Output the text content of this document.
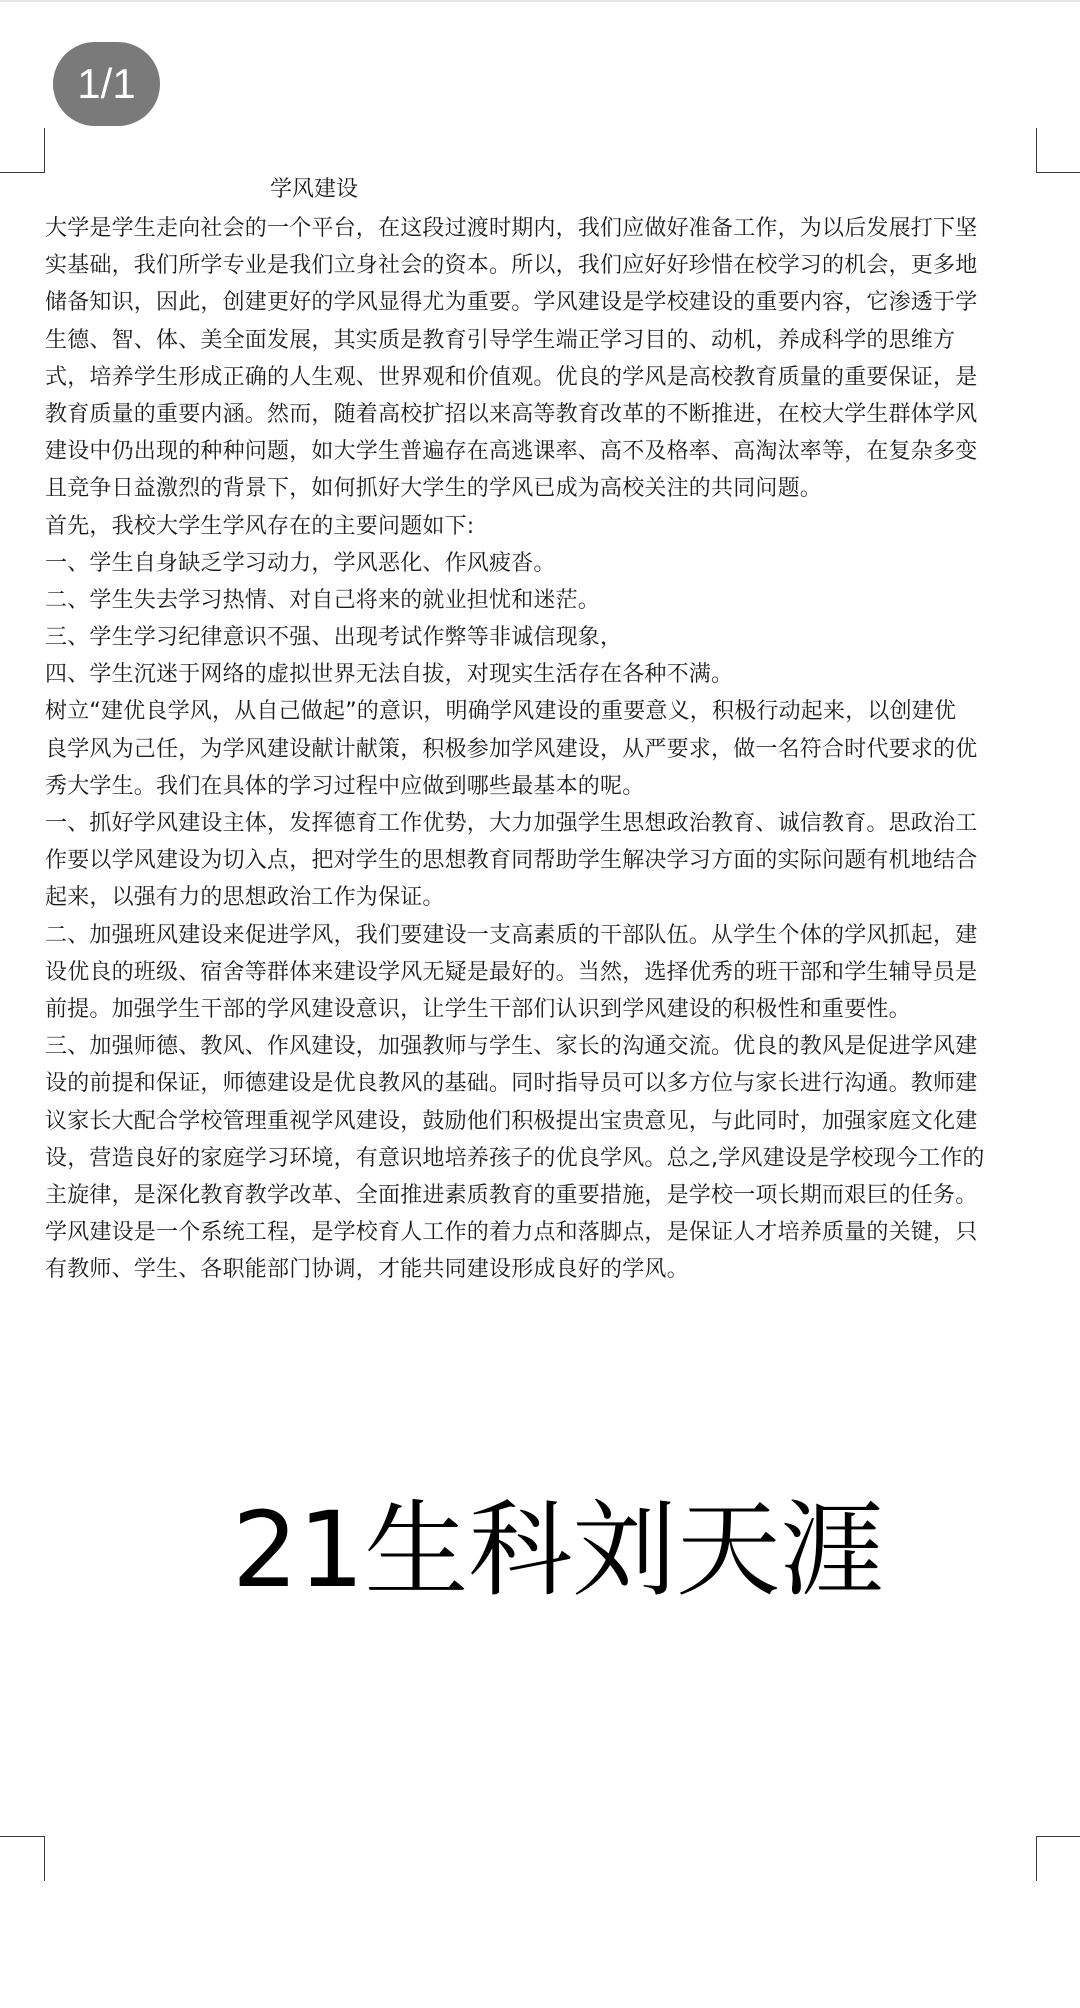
1/1
学风建设
大学是学生走向社会的一个平台，在这段过渡时期内，我们应做好准备工作，为以后发展打下坚
实基础，我们所学专业是我们立身社会的资本。所以，我们应好好珍惜在校学习的机会，更多地
储备知识，因此，创建更好的学风显得尤为重要。学风建设是学校建设的重要内容，它渗透于学
生德、智、体、美全面发展，其实质是教育引导学生端正学习目的、动机，养成科学的思维方
式，培养学生形成正确的人生观、世界观和价值观。优良的学风是高校教育质量的重要保证，是
教育质量的重要内涵。然而，随着高校扩招以来高等教育改革的不断推进，在校大学生群体学风
建设中仍出现的种种问题，如大学生普遍存在高逃课率、高不及格率、高淘汰率等，在复杂多变
且竞争日益激烈的背景下，如何抓好大学生的学风已成为高校关注的共同问题。
首先，我校大学生学风存在的主要问题如下:
一、学生自身缺乏学习动力，学风恶化、作风疲沓。
二、学生失去学习热情、对自己将来的就业担忧和迷茫。
三、学生学习纪律意识不强、出现考试作弊等非诚信现象，
四、学生沉迷于网络的虚拟世界无法自拔，对现实生活存在各种不满。
树立“建优良学风，从自己做起”的意识，明确学风建设的重要意义，积极行动起来，以创建优
良学风为己任，为学风建设献计献策，积极参加学风建设，从严要求，做一名符合时代要求的优
秀大学生。我们在具体的学习过程中应做到哪些最基本的呢。
一、抓好学风建设主体，发挥德育工作优势，大力加强学生思想政治教育、诚信教育。思政治工
作要以学风建设为切入点，把对学生的思想教育同帮助学生解决学习方面的实际问题有机地结合
起来，以强有力的思想政治工作为保证。
二、加强班风建设来促进学风，我们要建设一支高素质的干部队伍。从学生个体的学风抓起，建
设优良的班级、宿舍等群体来建设学风无疑是最好的。当然，选择优秀的班干部和学生辅导员是
前提。加强学生干部的学风建设意识，让学生干部们认识到学风建设的积极性和重要性。
三、加强师德、教风、作风建设，加强教师与学生、家长的沟通交流。优良的教风是促进学风建
设的前提和保证，师德建设是优良教风的基础。同时指导员可以多方位与家长进行沟通。教师建
议家长大配合学校管理重视学风建设，鼓励他们积极提出宝贵意见，与此同时，加强家庭文化建
设，营造良好的家庭学习环境，有意识地培养孩子的优良学风。总之,学风建设是学校现今工作的
主旋律，是深化教育教学改革、全面推进素质教育的重要措施，是学校一项长期而艰巨的任务。
学风建设是一个系统工程，是学校育人工作的着力点和落脚点，是保证人才培养质量的关键，只
有教师、学生、各职能部门协调，才能共同建设形成良好的学风。
21生科刘天涯
